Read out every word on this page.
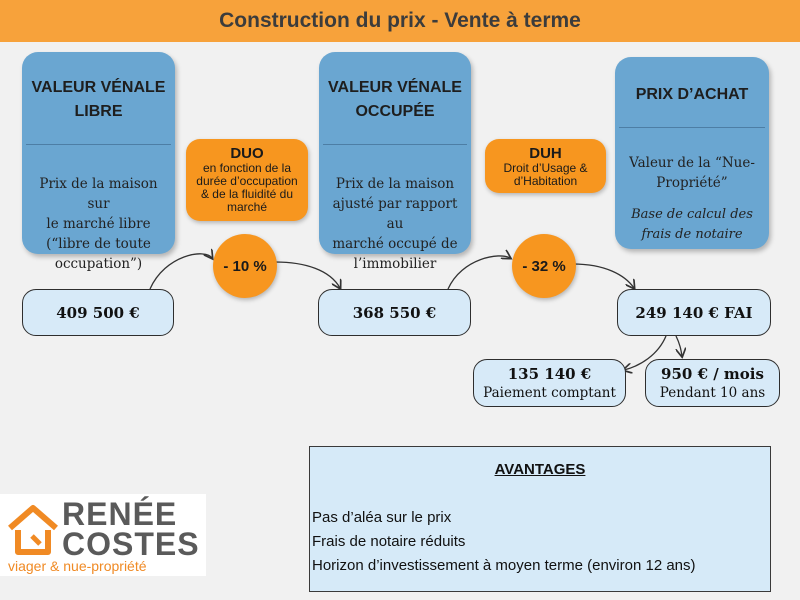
Construction du prix - Vente à terme
VALEUR VÉNALE
LIBRE
Prix de la maison sur
le marché libre
(“libre de toute
occupation”)
VALEUR VÉNALE
OCCUPÉE
Prix de la maison
ajusté par rapport au
marché occupé de
l’immobilier
PRIX D’ACHAT
Valeur de la “Nue-
Propriété”
Base de calcul des
frais de notaire
DUO
en fonction de la
durée d’occupation
& de la fluidité du
marché
DUH
Droit d’Usage &
d’Habitation
- 10 %	- 32 %
409 500 €	368 550 €	249 140 € FAI
135 140 €
Paiement comptant
950 € / mois
Pendant 10 ans
AVANTAGES
Pas d’aléa sur le prix
Frais de notaire réduits
Horizon d’investissement à moyen terme (environ 12 ans)
RENÉE
COSTES
viager & nue-propriété
